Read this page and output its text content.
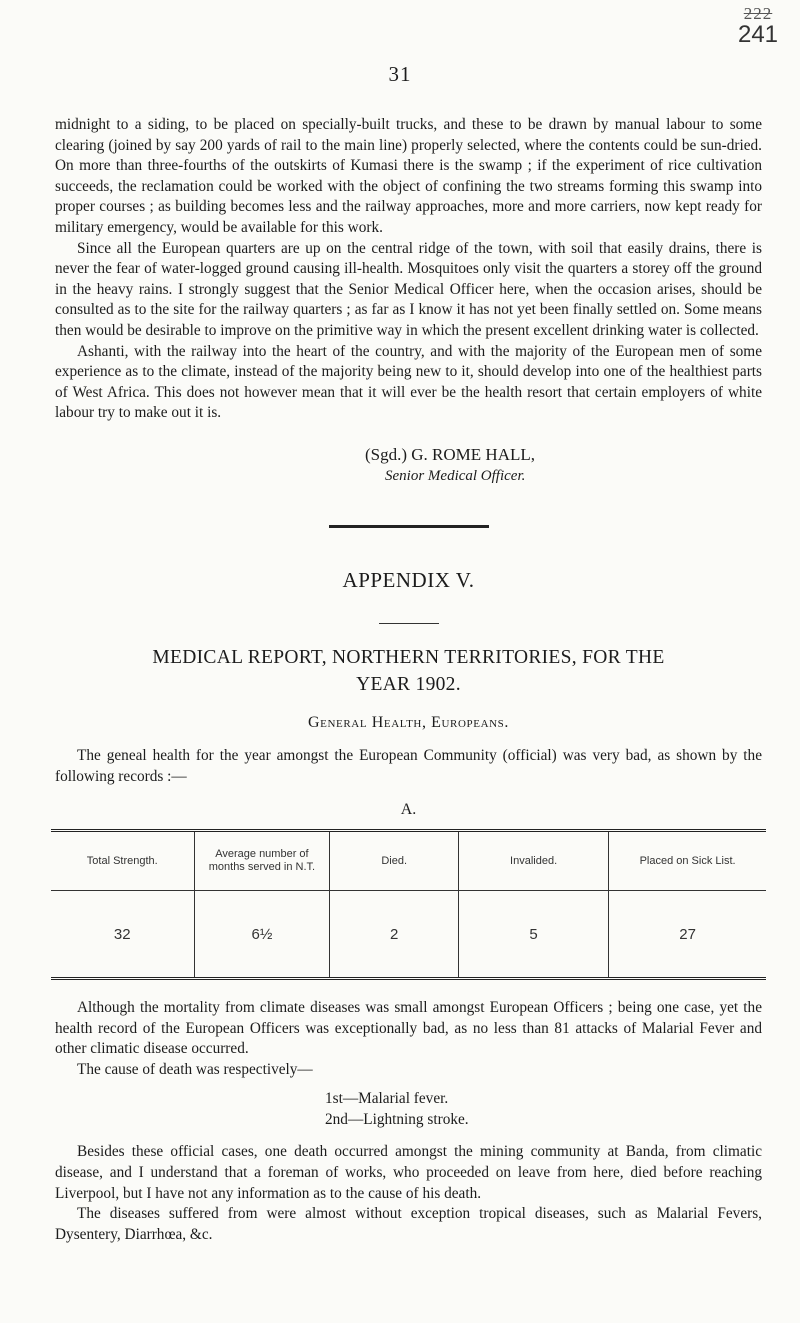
222
241
31

midnight to a siding, to be placed on specially-built trucks, and these to be drawn by manual labour to some clearing (joined by say 200 yards of rail to the main line) properly selected, where the contents could be sun-dried. On more than three-fourths of the outskirts of Kumasi there is the swamp ; if the experiment of rice cultivation succeeds, the reclamation could be worked with the object of confining the two streams forming this swamp into proper courses ; as building becomes less and the railway approaches, more and more carriers, now kept ready for military emergency, would be available for this work.

Since all the European quarters are up on the central ridge of the town, with soil that easily drains, there is never the fear of water-logged ground causing ill-health. Mosquitoes only visit the quarters a storey off the ground in the heavy rains. I strongly suggest that the Senior Medical Officer here, when the occasion arises, should be consulted as to the site for the railway quarters ; as far as I know it has not yet been finally settled on. Some means then would be desirable to improve on the primitive way in which the present excellent drinking water is collected.

Ashanti, with the railway into the heart of the country, and with the majority of the European men of some experience as to the climate, instead of the majority being new to it, should develop into one of the healthiest parts of West Africa. This does not however mean that it will ever be the health resort that certain employers of white labour try to make out it is.

(Sgd.) G. ROME HALL,
Senior Medical Officer.
APPENDIX V.
MEDICAL REPORT, NORTHERN TERRITORIES, FOR THE
YEAR 1902.
General Health, Europeans.

The geneal health for the year amongst the European Community (official) was very bad, as shown by the following records :—

A.
Total Strength.	Average number of months served in N.T.	Died.	Invalided.	Placed on Sick List.
32	6½	2	5	27

Although the mortality from climate diseases was small amongst European Officers ; being one case, yet the health record of the European Officers was exceptionally bad, as no less than 81 attacks of Malarial Fever and other climatic disease occurred.

The cause of death was respectively—

1st—Malarial fever.
2nd—Lightning stroke.

Besides these official cases, one death occurred amongst the mining community at Banda, from climatic disease, and I understand that a foreman of works, who proceeded on leave from here, died before reaching Liverpool, but I have not any information as to the cause of his death.

The diseases suffered from were almost without exception tropical diseases, such as Malarial Fevers, Dysentery, Diarrhœa, &c.
